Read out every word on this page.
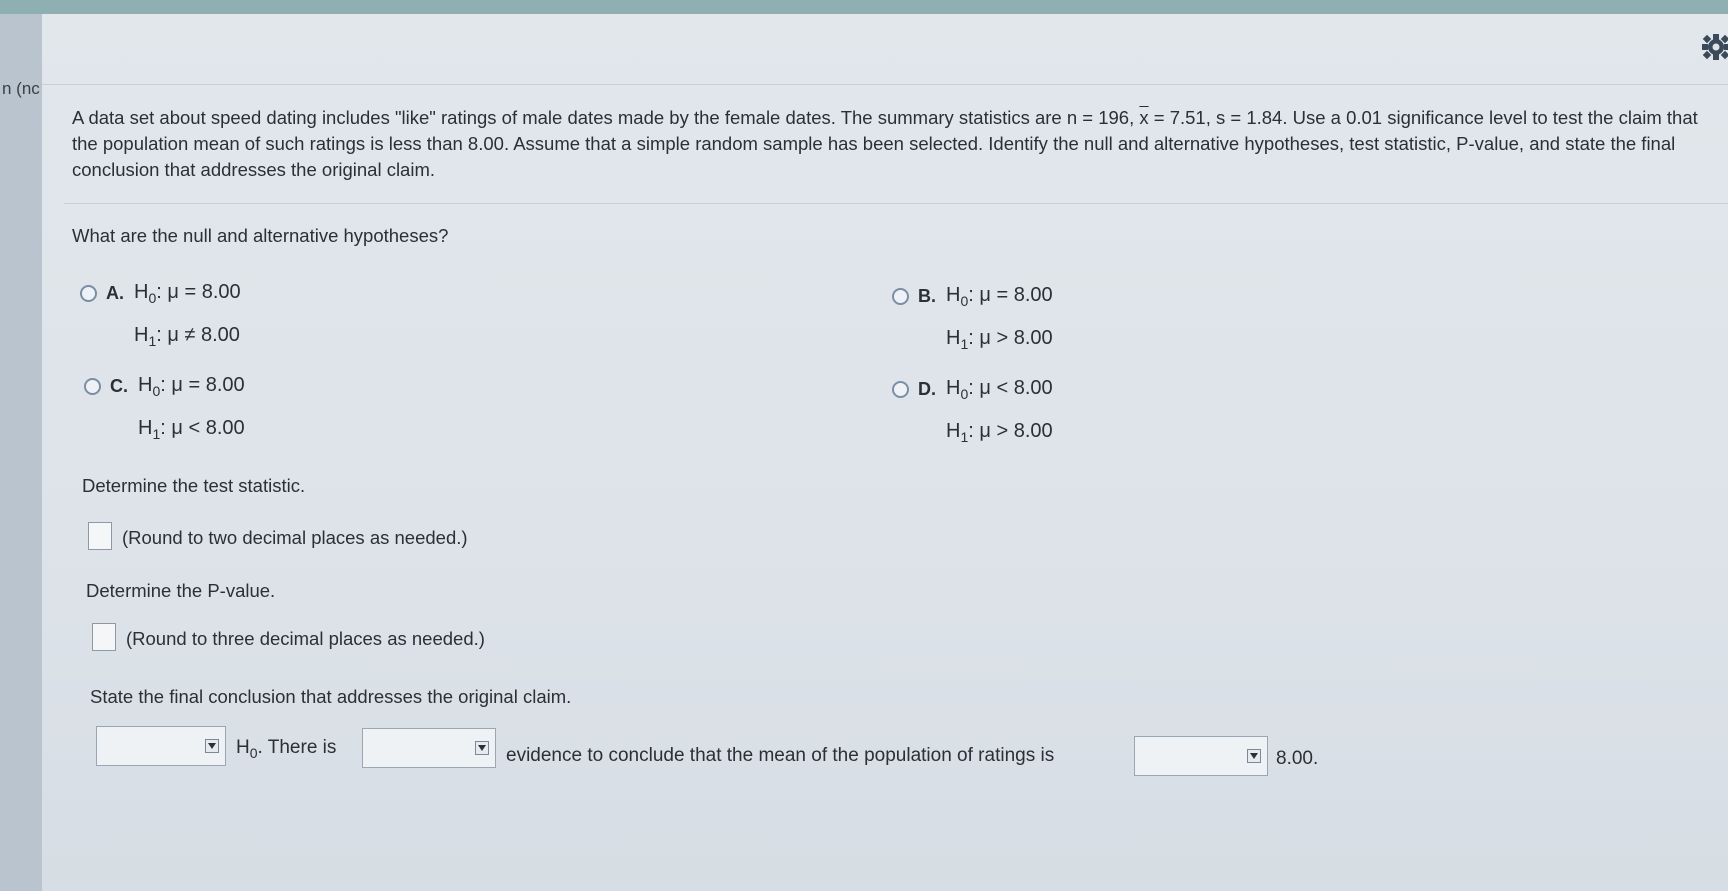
n (nc
A data set about speed dating includes "like" ratings of male dates made by the female dates. The summary statistics are n = 196, $\overline{x} = 7.51$, s = 1.84. Use a 0.01 significance level to test the claim that the population mean of such ratings is less than 8.00. Assume that a simple random sample has been selected. Identify the null and alternative hypotheses, test statistic, P-value, and state the final conclusion that addresses the original claim.
What are the null and alternative hypotheses?
A. $H_0$: μ = 8.00
$H_1$: μ ≠ 8.00
B. $H_0$: μ = 8.00
$H_1$: μ > 8.00
C. $H_0$: μ = 8.00
$H_1$: μ < 8.00
D. $H_0$: μ < 8.00
$H_1$: μ > 8.00
Determine the test statistic.
(Round to two decimal places as needed.)
Determine the P-value.
(Round to three decimal places as needed.)
State the final conclusion that addresses the original claim.
$H_0$. There is	evidence to conclude that the mean of the population of ratings is	8.00.
